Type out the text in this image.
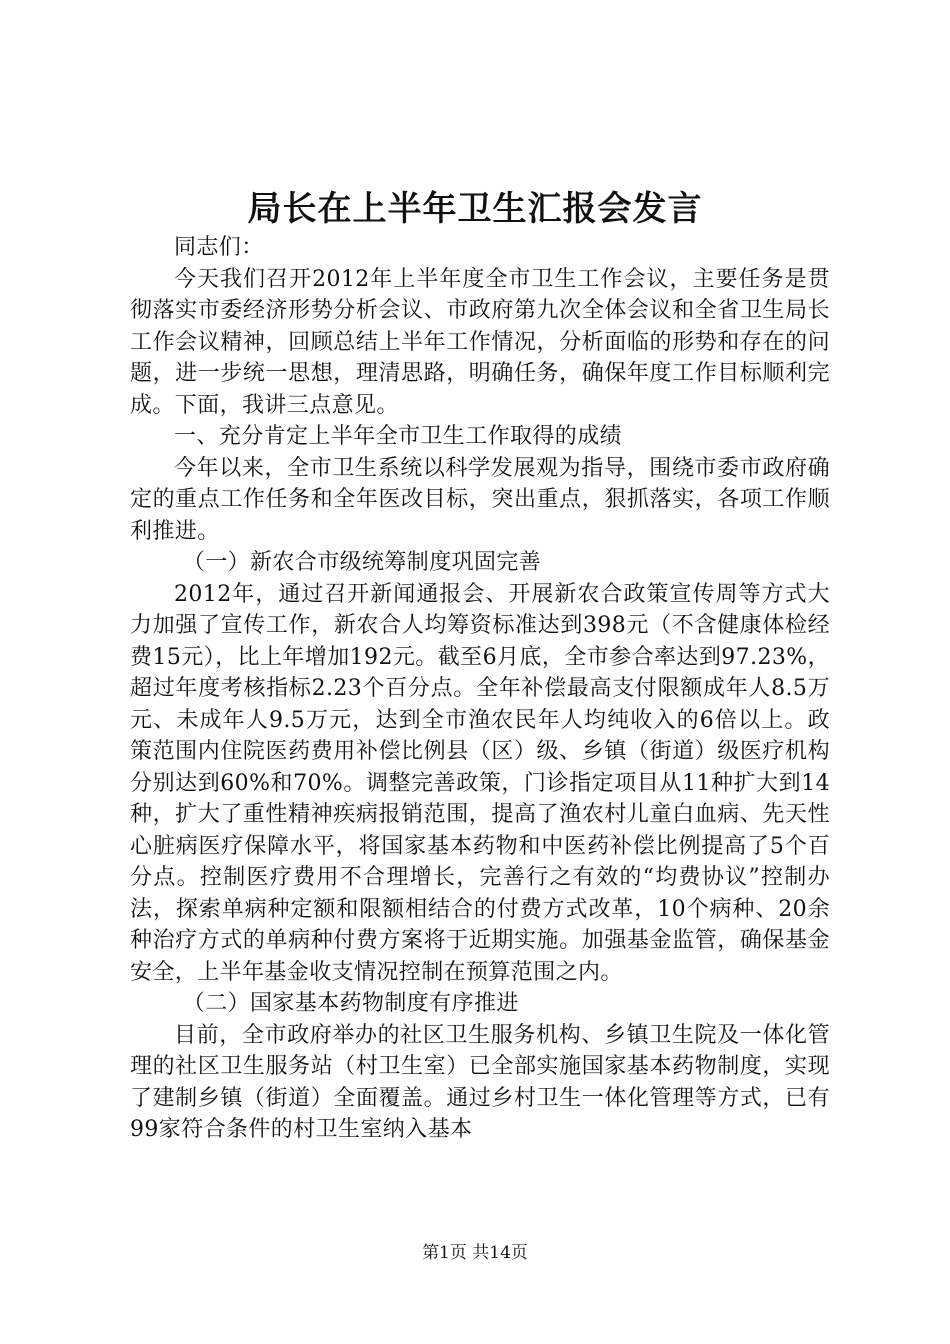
局长在上半年卫生汇报会发言

同志们：

今天我们召开2012年上半年度全市卫生工作会议，主要任务是贯彻落实市委经济形势分析会议、市政府第九次全体会议和全省卫生局长工作会议精神，回顾总结上半年工作情况，分析面临的形势和存在的问题，进一步统一思想，理清思路，明确任务，确保年度工作目标顺利完成。下面，我讲三点意见。

一、充分肯定上半年全市卫生工作取得的成绩

今年以来，全市卫生系统以科学发展观为指导，围绕市委市政府确定的重点工作任务和全年医改目标，突出重点，狠抓落实，各项工作顺利推进。

（一）新农合市级统筹制度巩固完善

2012年，通过召开新闻通报会、开展新农合政策宣传周等方式大力加强了宣传工作，新农合人均筹资标准达到398元（不含健康体检经费15元），比上年增加192元。截至6月底，全市参合率达到97.23%，超过年度考核指标2.23个百分点。全年补偿最高支付限额成年人8.5万元、未成年人9.5万元，达到全市渔农民年人均纯收入的6倍以上。政策范围内住院医药费用补偿比例县（区）级、乡镇（街道）级医疗机构分别达到60%和70%。调整完善政策，门诊指定项目从11种扩大到14种，扩大了重性精神疾病报销范围，提高了渔农村儿童白血病、先天性心脏病医疗保障水平，将国家基本药物和中医药补偿比例提高了5个百分点。控制医疗费用不合理增长，完善行之有效的“均费协议”控制办法，探索单病种定额和限额相结合的付费方式改革，10个病种、20余种治疗方式的单病种付费方案将于近期实施。加强基金监管，确保基金安全，上半年基金收支情况控制在预算范围之内。

（二）国家基本药物制度有序推进

目前，全市政府举办的社区卫生服务机构、乡镇卫生院及一体化管理的社区卫生服务站（村卫生室）已全部实施国家基本药物制度，实现了建制乡镇（街道）全面覆盖。通过乡村卫生一体化管理等方式，已有99家符合条件的村卫生室纳入基本

第1页 共14页
